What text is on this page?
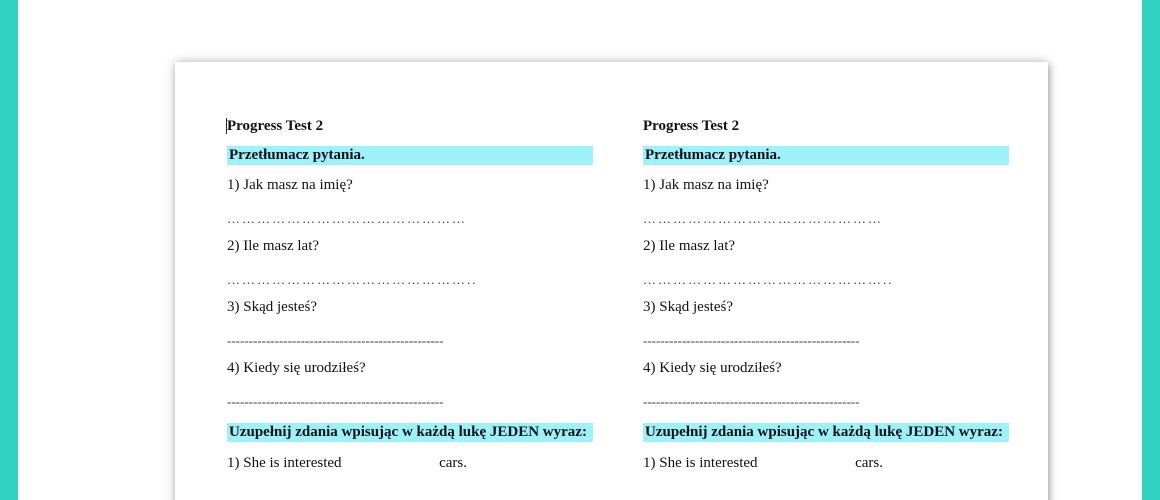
Progress Test 2
Przetłumacz pytania.
1) Jak masz na imię?
…………………………………………
2) Ile masz lat?
…………………………………………..
3) Skąd jesteś?
--------------------------------------------------
4) Kiedy się urodziłeś?
--------------------------------------------------
Uzupełnij zdania wpisując w każdą lukę JEDEN wyraz:
1) She is interested	cars.
Progress Test 2
Przetłumacz pytania.
1) Jak masz na imię?
…………………………………………
2) Ile masz lat?
…………………………………………..
3) Skąd jesteś?
--------------------------------------------------
4) Kiedy się urodziłeś?
--------------------------------------------------
Uzupełnij zdania wpisując w każdą lukę JEDEN wyraz:
1) She is interested	cars.
